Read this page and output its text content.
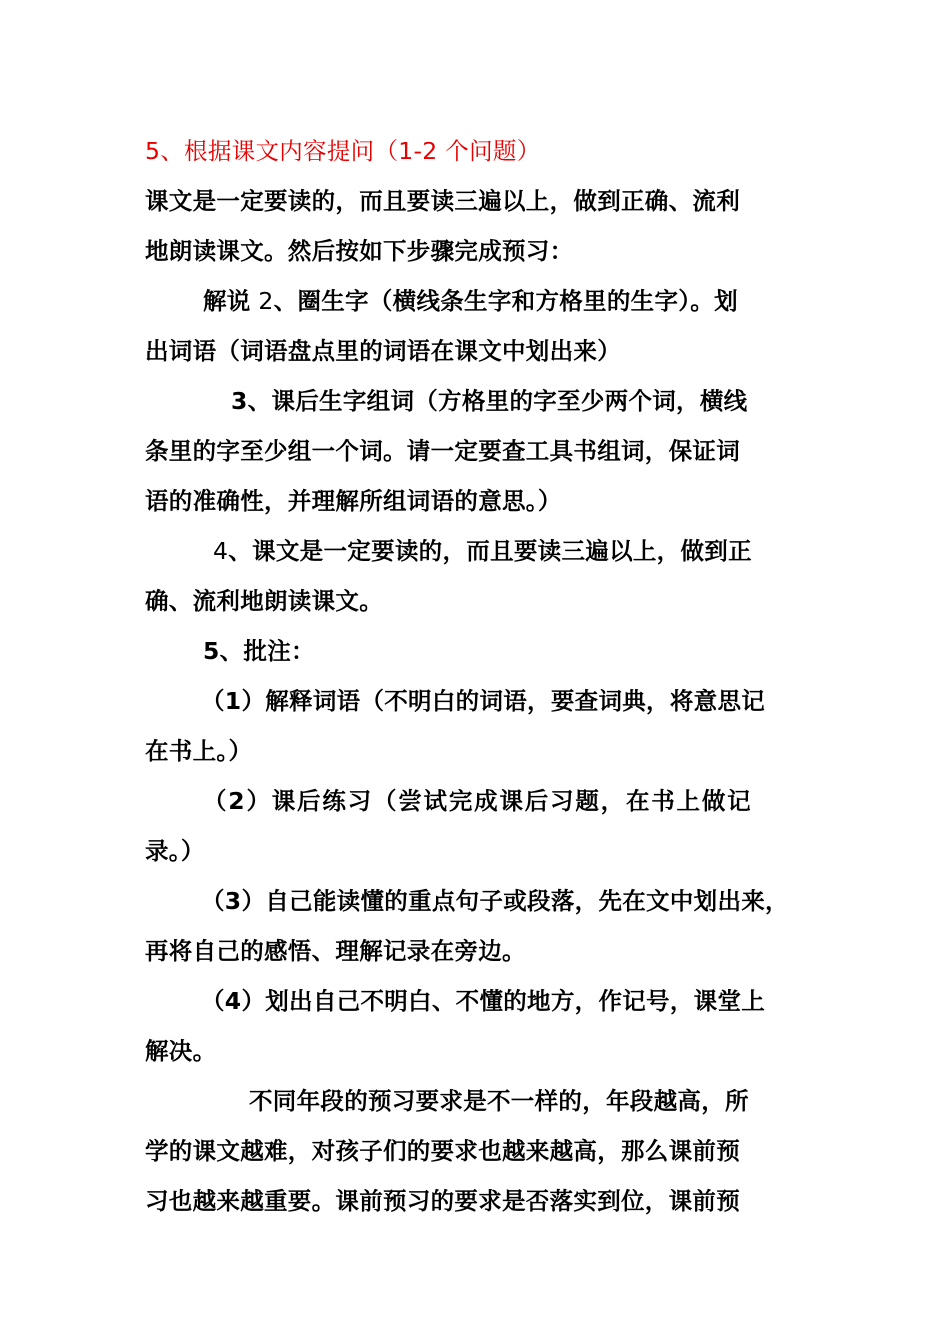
5、根据课文内容提问（1-2 个问题）
课文是一定要读的，而且要读三遍以上，做到正确、流利
地朗读课文。然后按如下步骤完成预习：
解说 2、圈生字（横线条生字和方格里的生字）。划
出词语（词语盘点里的词语在课文中划出来）
3、课后生字组词（方格里的字至少两个词，横线
条里的字至少组一个词。请一定要查工具书组词，保证词
语的准确性，并理解所组词语的意思。）
4、课文是一定要读的，而且要读三遍以上，做到正
确、流利地朗读课文。
5、批注：
（1）解释词语（不明白的词语，要查词典，将意思记
在书上。）
（2）课后练习（尝试完成课后习题，在书上做记
录。）
（3）自己能读懂的重点句子或段落，先在文中划出来，
再将自己的感悟、理解记录在旁边。
（4）划出自己不明白、不懂的地方，作记号，课堂上
解决。
不同年段的预习要求是不一样的，年段越高，所
学的课文越难，对孩子们的要求也越来越高，那么课前预
习也越来越重要。课前预习的要求是否落实到位，课前预
